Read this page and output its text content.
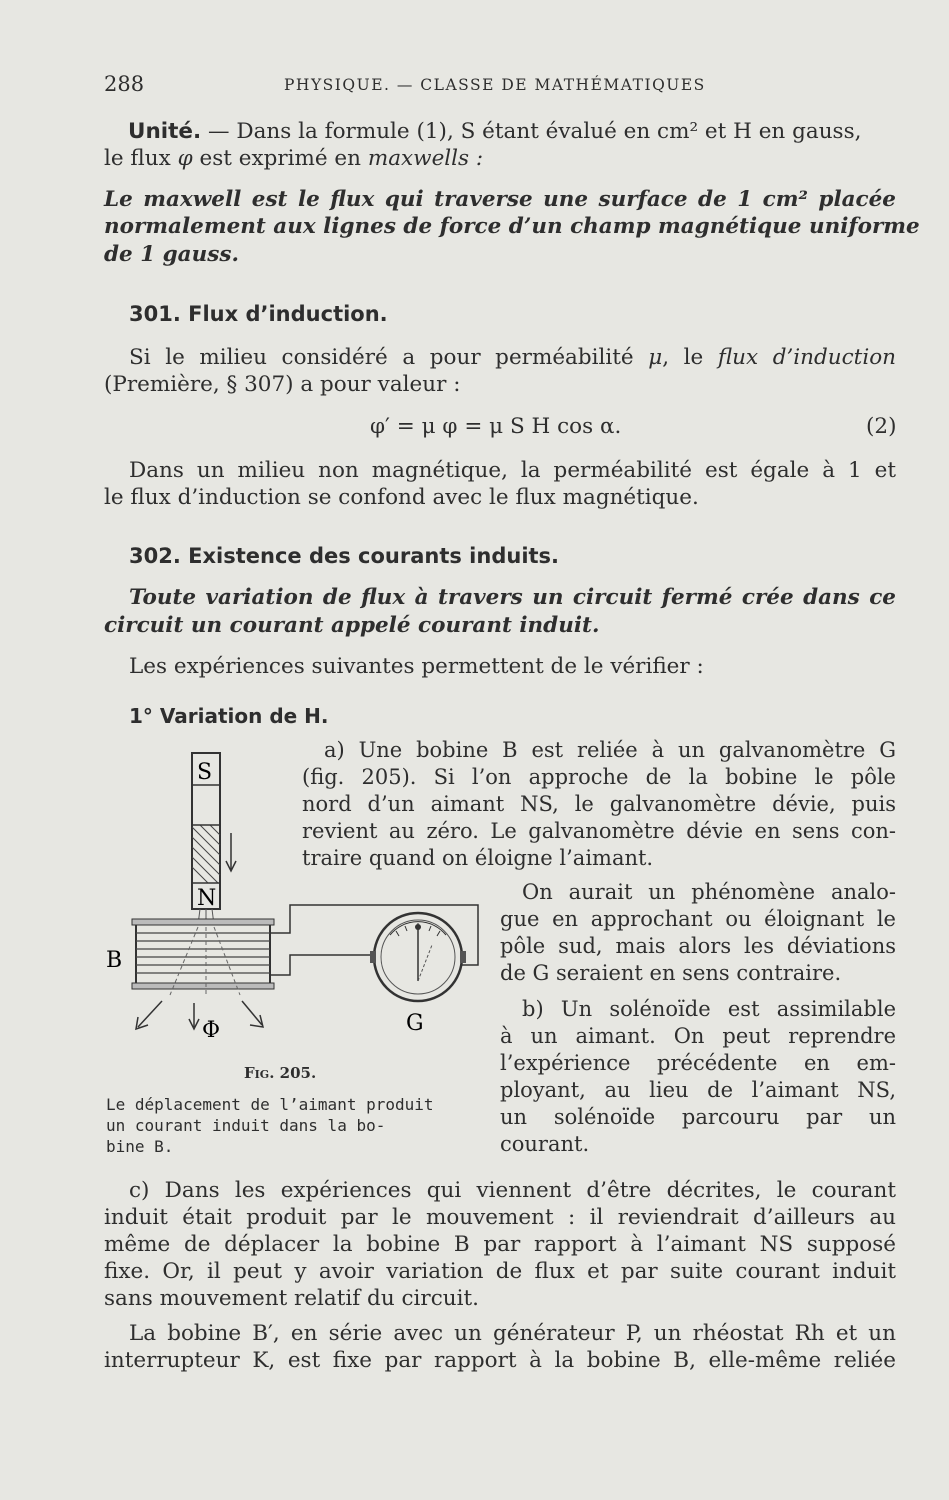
288	PHYSIQUE. — CLASSE DE MATHÉMATIQUES
Unité. — Dans la formule (1), S étant évalué en cm² et H en gauss,
le flux φ est exprimé en maxwells :
Le maxwell est le flux qui traverse une surface de 1 cm² placée
normalement aux lignes de force d’un champ magnétique uniforme
de 1 gauss.
301. Flux d’induction.
Si le milieu considéré a pour perméabilité μ, le flux d’induction
(Première, § 307) a pour valeur :
φ′ = μ φ = μ S H cos α.	(2)
Dans un milieu non magnétique, la perméabilité est égale à 1 et
le flux d’induction se confond avec le flux magnétique.
302. Existence des courants induits.
Toute variation de flux à travers un circuit fermé crée dans ce
circuit un courant appelé courant induit.
Les expériences suivantes permettent de le vérifier :
1° Variation de H.
a) Une bobine B est reliée à un galvanomètre G
(fig. 205). Si l’on approche de la bobine le pôle
nord d’un aimant NS, le galvanomètre dévie, puis
revient au zéro. Le galvanomètre dévie en sens con-
traire quand on éloigne l’aimant.
On aurait un phénomène analo-
gue en approchant ou éloignant le
pôle sud, mais alors les déviations
de G seraient en sens contraire.
b) Un solénoïde est assimilable
à un aimant. On peut reprendre
l’expérience précédente en em-
ployant, au lieu de l’aimant NS,
un solénoïde parcouru par un
courant.
S
N
Φ
B
G
Fig. 205.
Le déplacement de l’aimant produit
un courant induit dans la bo-
bine B.
c) Dans les expériences qui viennent d’être décrites, le courant
induit était produit par le mouvement : il reviendrait d’ailleurs au
même de déplacer la bobine B par rapport à l’aimant NS supposé
fixe. Or, il peut y avoir variation de flux et par suite courant induit
sans mouvement relatif du circuit.
La bobine B′, en série avec un générateur P, un rhéostat Rh et un
interrupteur K, est fixe par rapport à la bobine B, elle-même reliée
